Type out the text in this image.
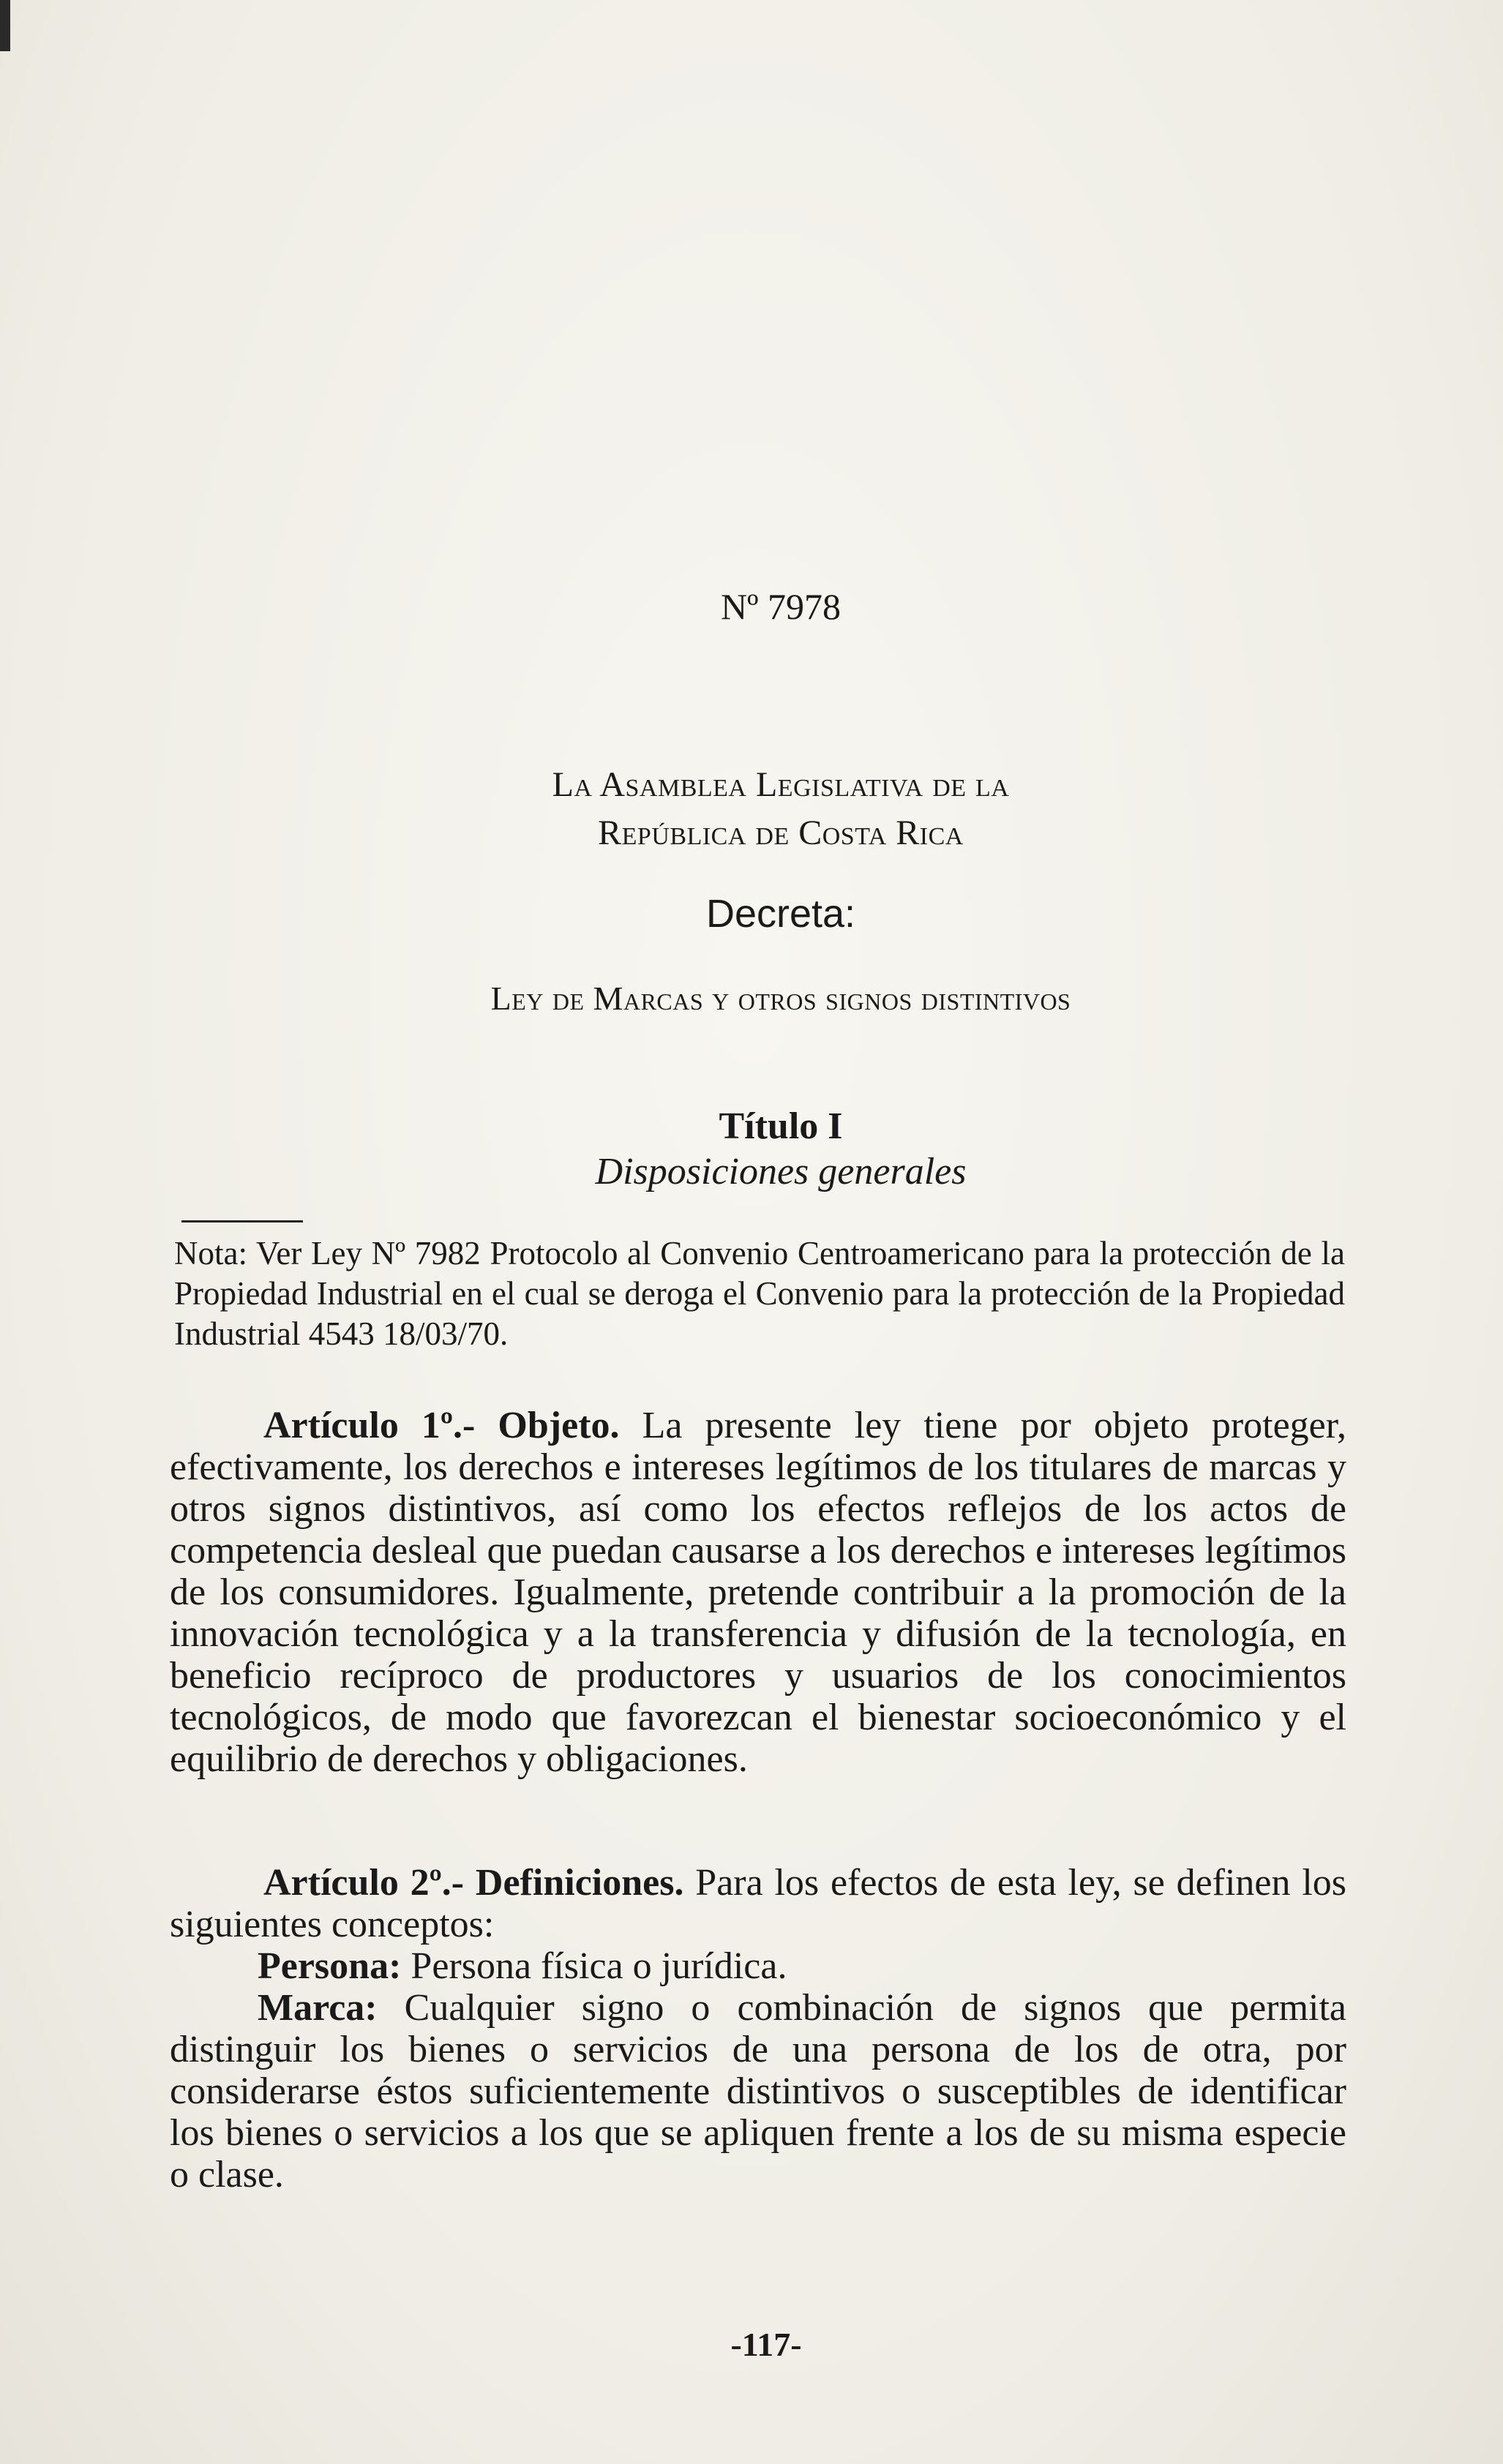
Nº 7978
La Asamblea Legislativa de la
República de Costa Rica
Decreta:
Ley de Marcas y otros signos distintivos
Título I
Disposiciones generales
Nota: Ver Ley Nº 7982 Protocolo al Convenio Centroamericano para la protección de la Propiedad Industrial en el cual se deroga el Convenio para la protección de la Propiedad Industrial 4543 18/03/70.

Artículo 1º.- Objeto. La presente ley tiene por objeto proteger, efectivamente, los derechos e intereses legítimos de los titulares de marcas y otros signos distintivos, así como los efectos reflejos de los actos de competencia desleal que puedan causarse a los derechos e intereses legítimos de los consumidores. Igualmente, pretende contribuir a la promoción de la innovación tecnológica y a la transferencia y difusión de la tecnología, en beneficio recíproco de productores y usuarios de los conocimientos tecnológicos, de modo que favorezcan el bienestar socioeconómico y el equilibrio de derechos y obligaciones.

Artículo 2º.- Definiciones. Para los efectos de esta ley, se definen los siguientes conceptos:

Persona: Persona física o jurídica.

Marca: Cualquier signo o combinación de signos que permita distinguir los bienes o servicios de una persona de los de otra, por considerarse éstos suficientemente distintivos o susceptibles de identificar los bienes o servicios a los que se apliquen frente a los de su misma especie o clase.

-117-
